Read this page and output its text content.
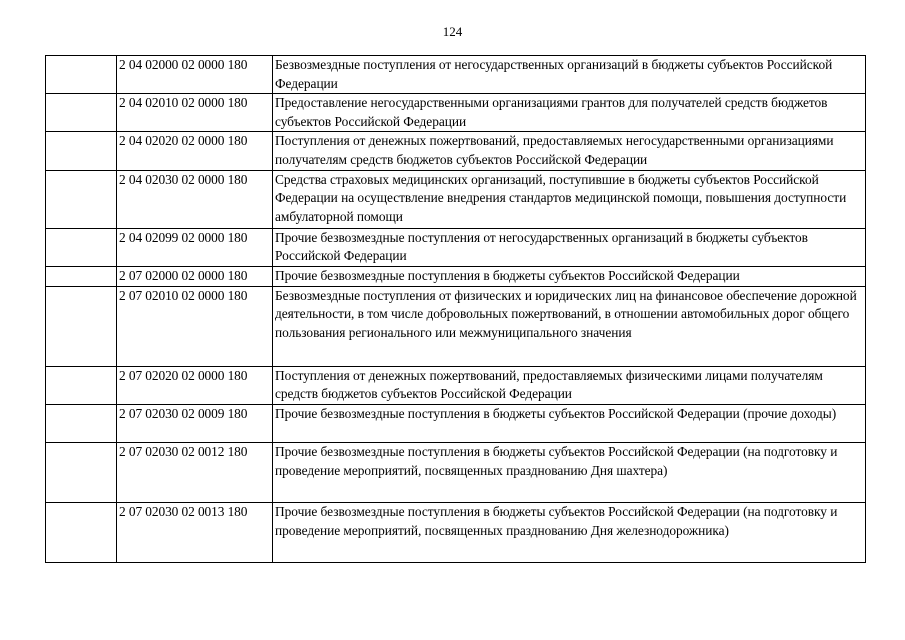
124
	2 04 02000 02 0000 180	Безвозмездные поступления от негосударственных организаций в бюджеты субъектов Российской Федерации
	2 04 02010 02 0000 180	Предоставление негосударственными организациями грантов для получателей средств бюджетов субъектов Российской Федерации
	2 04 02020 02 0000 180	Поступления от денежных пожертвований, предоставляемых негосударственными организациями получателям средств бюджетов субъектов Российской Федерации
	2 04 02030 02 0000 180	Средства страховых медицинских организаций, поступившие в бюджеты субъектов Российской Федерации на осуществление внедрения стандартов медицинской помощи, повышения доступности амбулаторной помощи
	2 04 02099 02 0000 180	Прочие безвозмездные поступления от негосударственных организаций в бюджеты субъектов Российской Федерации
	2 07 02000 02 0000 180	Прочие безвозмездные поступления в бюджеты субъектов Российской Федерации
	2 07 02010 02 0000 180	Безвозмездные поступления от физических и юридических лиц на финансовое обеспечение дорожной деятельности, в том числе добровольных пожертвований, в отношении автомобильных дорог общего пользования регионального или межмуниципального значения
	2 07 02020 02 0000 180	Поступления от денежных пожертвований, предоставляемых физическими лицами получателям средств бюджетов субъектов Российской Федерации
	2 07 02030 02 0009 180	Прочие безвозмездные поступления в бюджеты субъектов Российской Федерации (прочие доходы)
	2 07 02030 02 0012 180	Прочие безвозмездные поступления в бюджеты субъектов Российской Федерации (на подготовку и проведение мероприятий, посвященных празднованию Дня шахтера)
	2 07 02030 02 0013 180	Прочие безвозмездные поступления в бюджеты субъектов Российской Федерации (на подготовку и проведение мероприятий, посвященных празднованию Дня железнодорожника)
